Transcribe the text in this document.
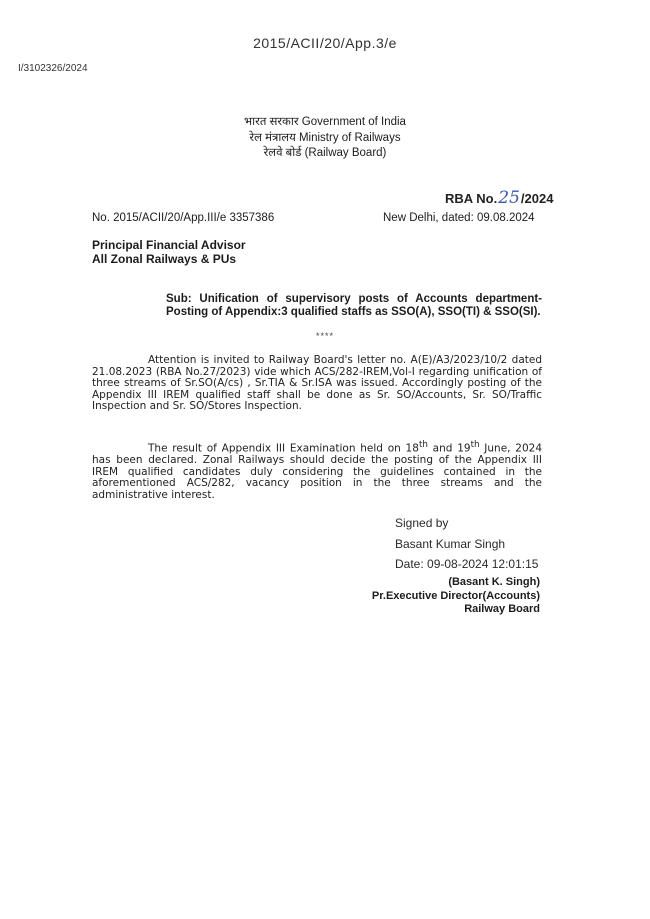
2015/ACII/20/App.3/e
I/3102326/2024
भारत सरकार Government of India
रेल मंत्रालय Ministry of Railways
रेलवे बोर्ड (Railway Board)
RBA No.25/2024
No. 2015/ACII/20/App.III/e 3357386	New Delhi, dated: 09.08.2024
Principal Financial Advisor
All Zonal Railways & PUs
Sub: Unification of supervisory posts of Accounts department- Posting of Appendix:3 qualified staffs as SSO(A), SSO(TI) & SSO(SI).
****
Attention is invited to Railway Board's letter no. A(E)/A3/2023/10/2 dated 21.08.2023 (RBA No.27/2023) vide which ACS/282-IREM,Vol-I regarding unification of three streams of Sr.SO(A/cs) , Sr.TIA & Sr.ISA was issued. Accordingly posting of the Appendix III IREM qualified staff shall be done as Sr. SO/Accounts, Sr. SO/Traffic Inspection and Sr. SO/Stores Inspection.
The result of Appendix III Examination held on 18th and 19th June, 2024 has been declared. Zonal Railways should decide the posting of the Appendix III IREM qualified candidates duly considering the guidelines contained in the aforementioned ACS/282, vacancy position in the three streams and the administrative interest.
Signed by
Basant Kumar Singh
Date: 09-08-2024 12:01:15
(Basant K. Singh)
Pr.Executive Director(Accounts)
Railway Board
